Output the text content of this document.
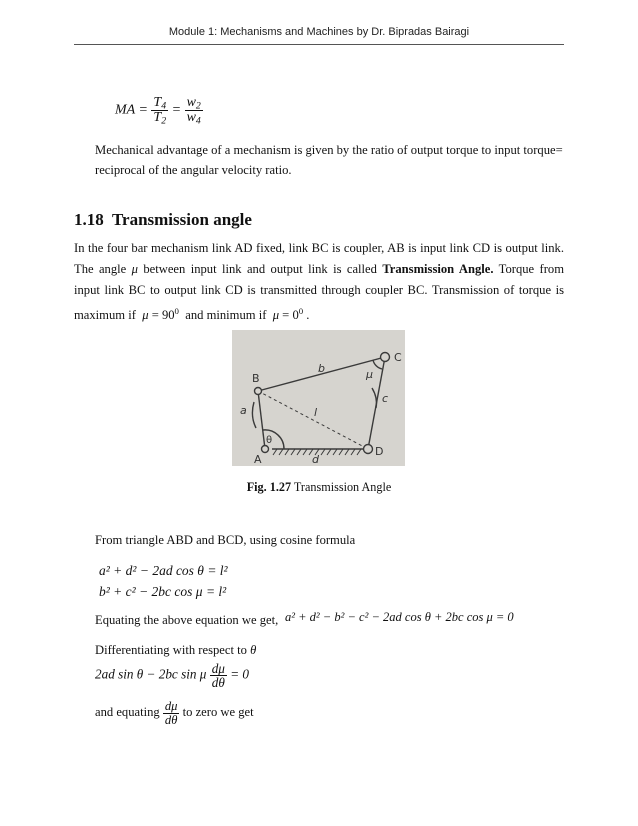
Module 1: Mechanisms and Machines by Dr. Bipradas Bairagi
MA = $\frac{T_4}{T_2} = \frac{w_2}{w_4}$
Mechanical advantage of a mechanism is given by the ratio of output torque to input torque=
reciprocal of the angular velocity ratio.
1.18 Transmission angle
In the four bar mechanism link AD fixed, link BC is coupler, AB is input link CD is output link.
The angle μ between input link and output link is called Transmission Angle. Torque from
input link BC to output link CD is transmitted through coupler BC. Transmission of torque is
maximum if $\mu = 90^0$ and minimum if $\mu = 0^0$ .
A
B
C
D
a
b
c
d
l
θ
μ
Fig. 1.27 Transmission Angle
From triangle ABD and BCD, using cosine formula
a² + d² − 2ad cos θ = l²
b² + c² − 2bc cos μ = l²
Equating the above equation we get, a² + d² − b² − c² − 2ad cos θ + 2bc cos μ = 0
Differentiating with respect to θ
2ad sin θ − 2bc sin μ $\frac{d\mu}{d\theta} = 0$
and equating $\frac{d\mu}{d\theta}$ to zero we get
